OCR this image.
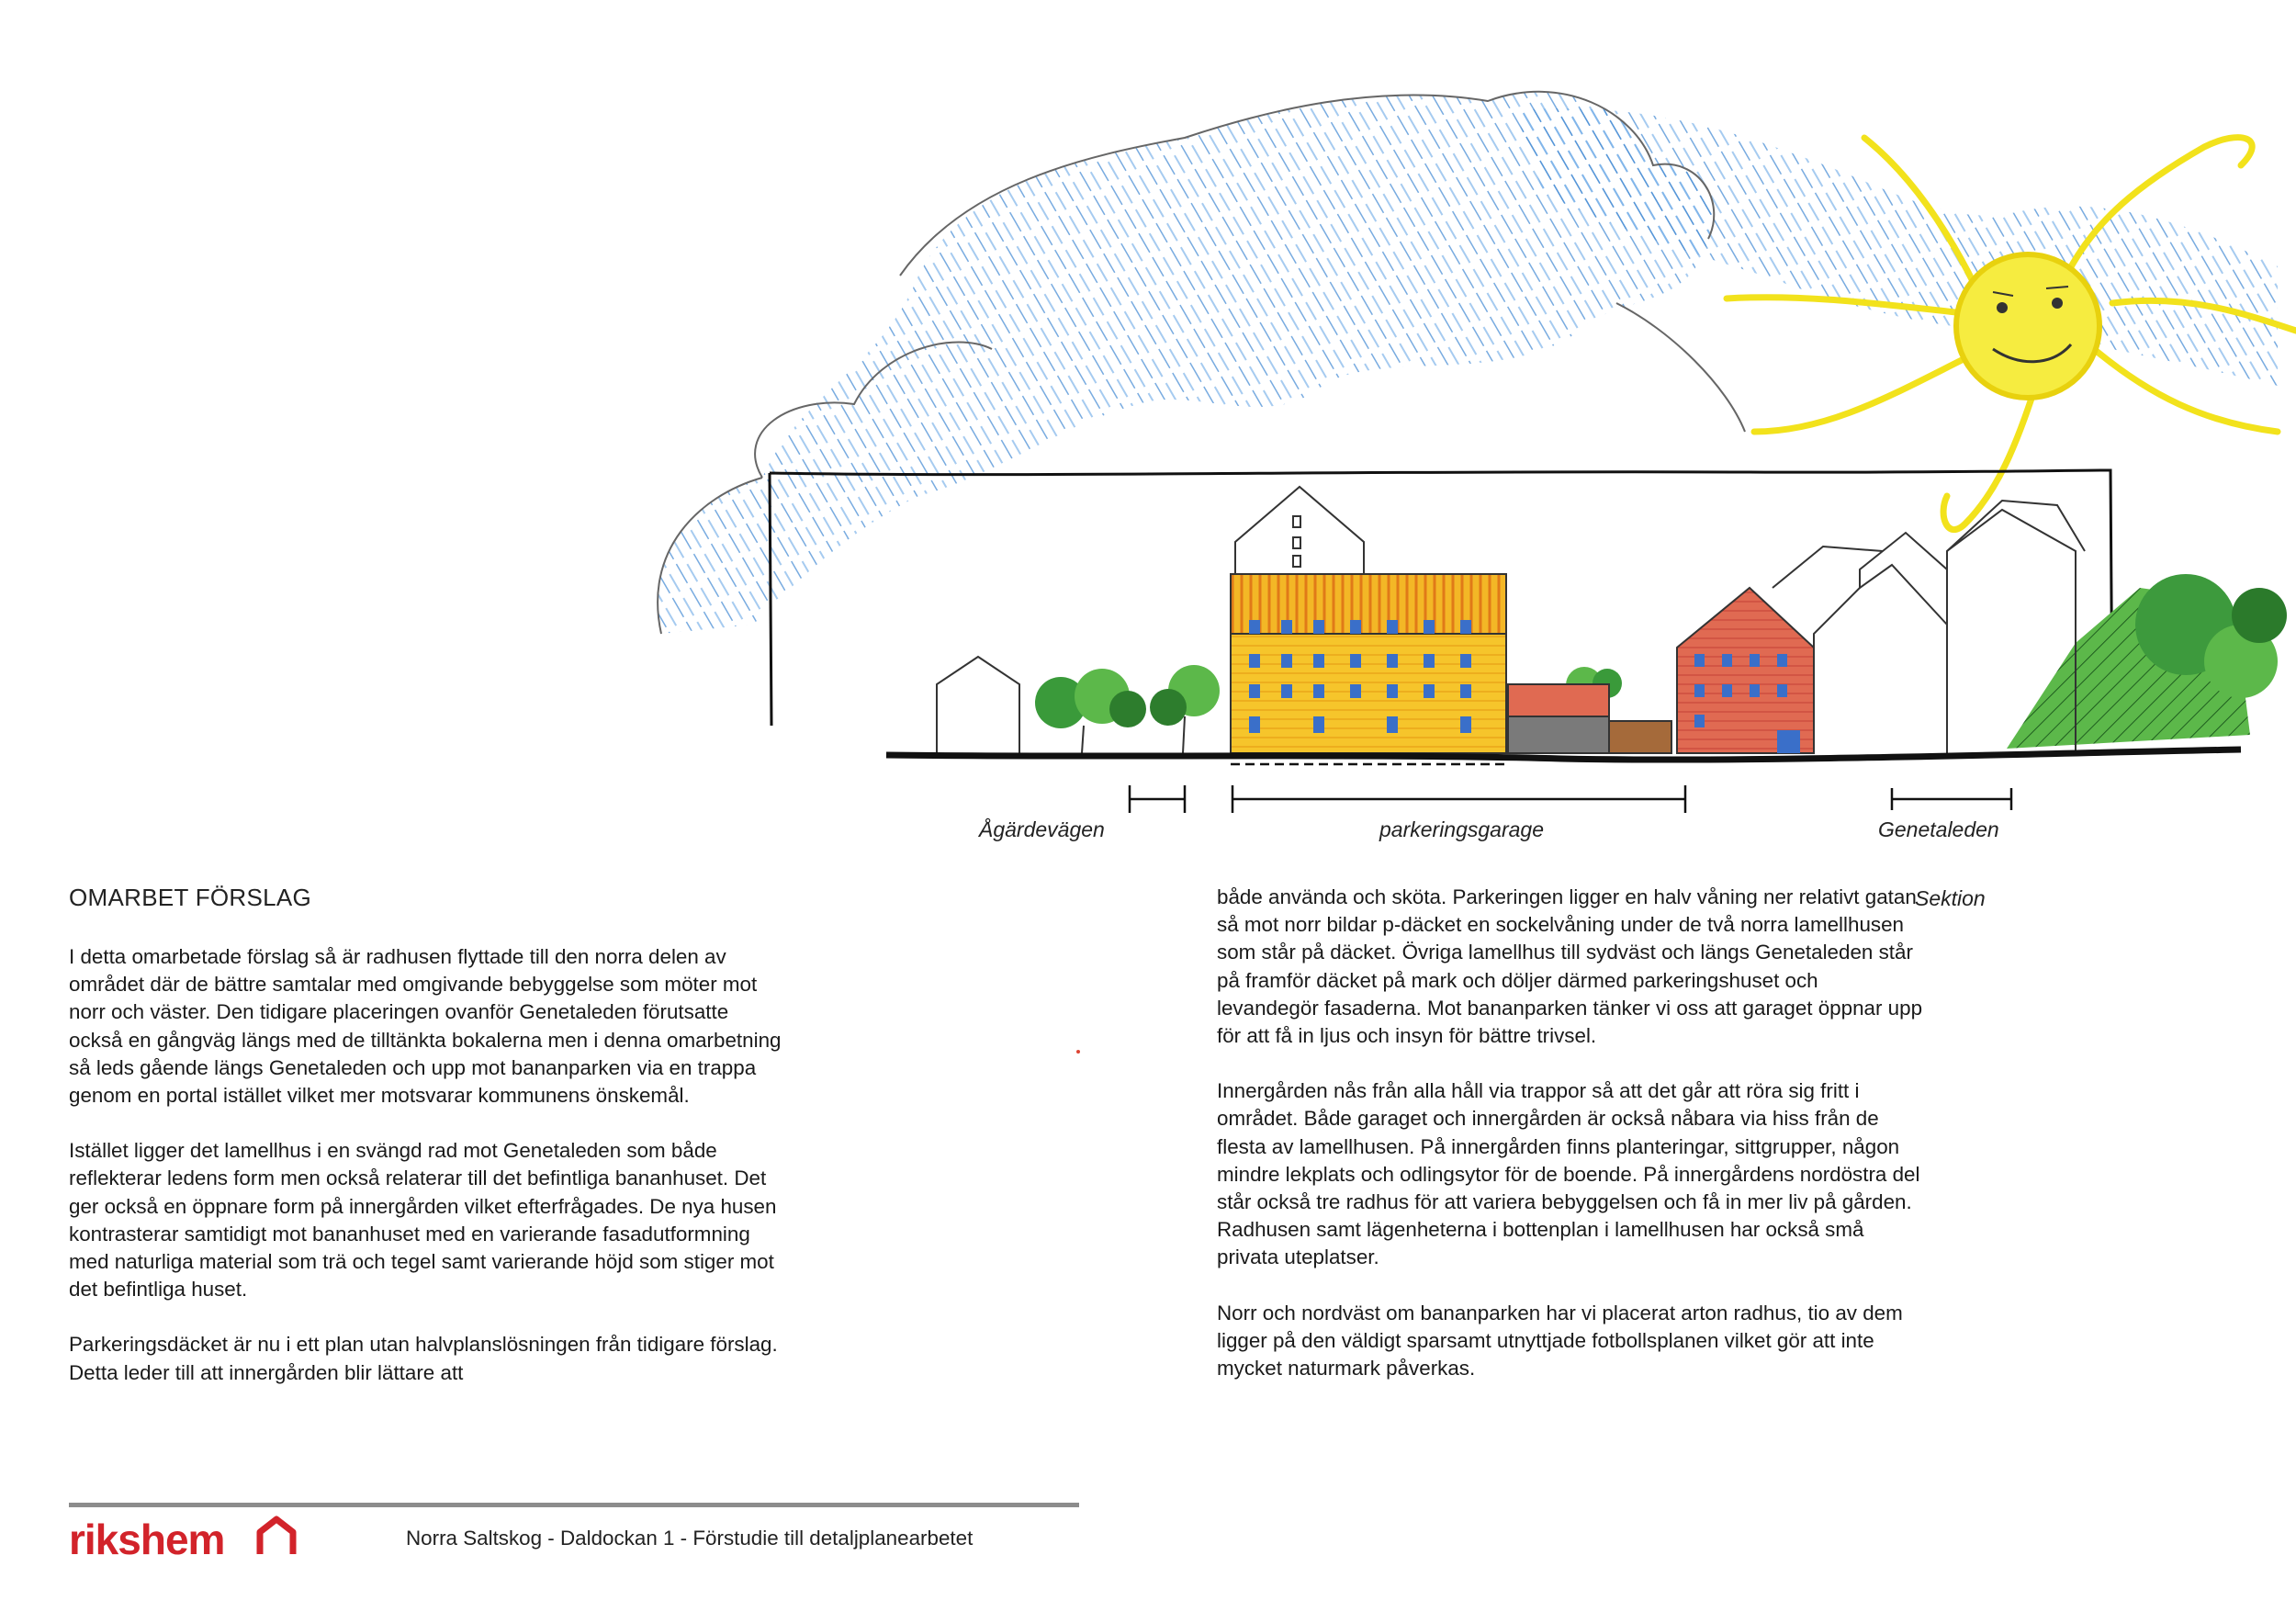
Ågärdevägen	parkeringsgarage	Genetaleden
Sektion
OMARBET FÖRSLAG

I detta omarbetade förslag så är radhusen flyttade till den norra delen av området där de bättre samtalar med omgivande bebyggelse som möter mot norr och väster. Den tidigare placeringen ovanför Genetaleden förutsatte också en gångväg längs med de tilltänkta bokalerna men i denna omarbetning så leds gående längs Genetaleden och upp mot bananparken via en trappa genom en portal istället vilket mer motsvarar kommunens önskemål.

Istället ligger det lamellhus i en svängd rad mot Genetaleden som både reflekterar ledens form men också relaterar till det befintliga bananhuset. Det ger också en öppnare form på innergården vilket efterfrågades. De nya husen kontrasterar samtidigt mot bananhuset med en varierande fasadutformning med naturliga material som trä och tegel samt varierande höjd som stiger mot det befintliga huset.

Parkeringsdäcket är nu i ett plan utan halvplanslösningen från tidigare förslag. Detta leder till att innergården blir lättare att

både använda och sköta. Parkeringen ligger en halv våning ner relativt gatan så mot norr bildar p-däcket en sockelvåning under de två norra lamellhusen som står på däcket. Övriga lamellhus till sydväst och längs Genetaleden står på framför däcket på mark och döljer därmed parkeringshuset och levandegör fasaderna. Mot bananparken tänker vi oss att garaget öppnar upp för att få in ljus och insyn för bättre trivsel.

Innergården nås från alla håll via trappor så att det går att röra sig fritt i området. Både garaget och innergården är också nåbara via hiss från de flesta av lamellhusen. På innergården finns planteringar, sittgrupper, någon mindre lekplats och odlingsytor för de boende. På innergårdens nordöstra del står också tre radhus för att variera bebyggelsen och få in mer liv på gården. Radhusen samt lägenheterna i bottenplan i lamellhusen har också små privata uteplatser.

Norr och nordväst om bananparken har vi placerat arton radhus, tio av dem ligger på den väldigt sparsamt utnyttjade fotbollsplanen vilket gör att inte mycket naturmark påverkas.

rikshem	Norra Saltskog - Daldockan 1 - Förstudie till detaljplanearbetet
